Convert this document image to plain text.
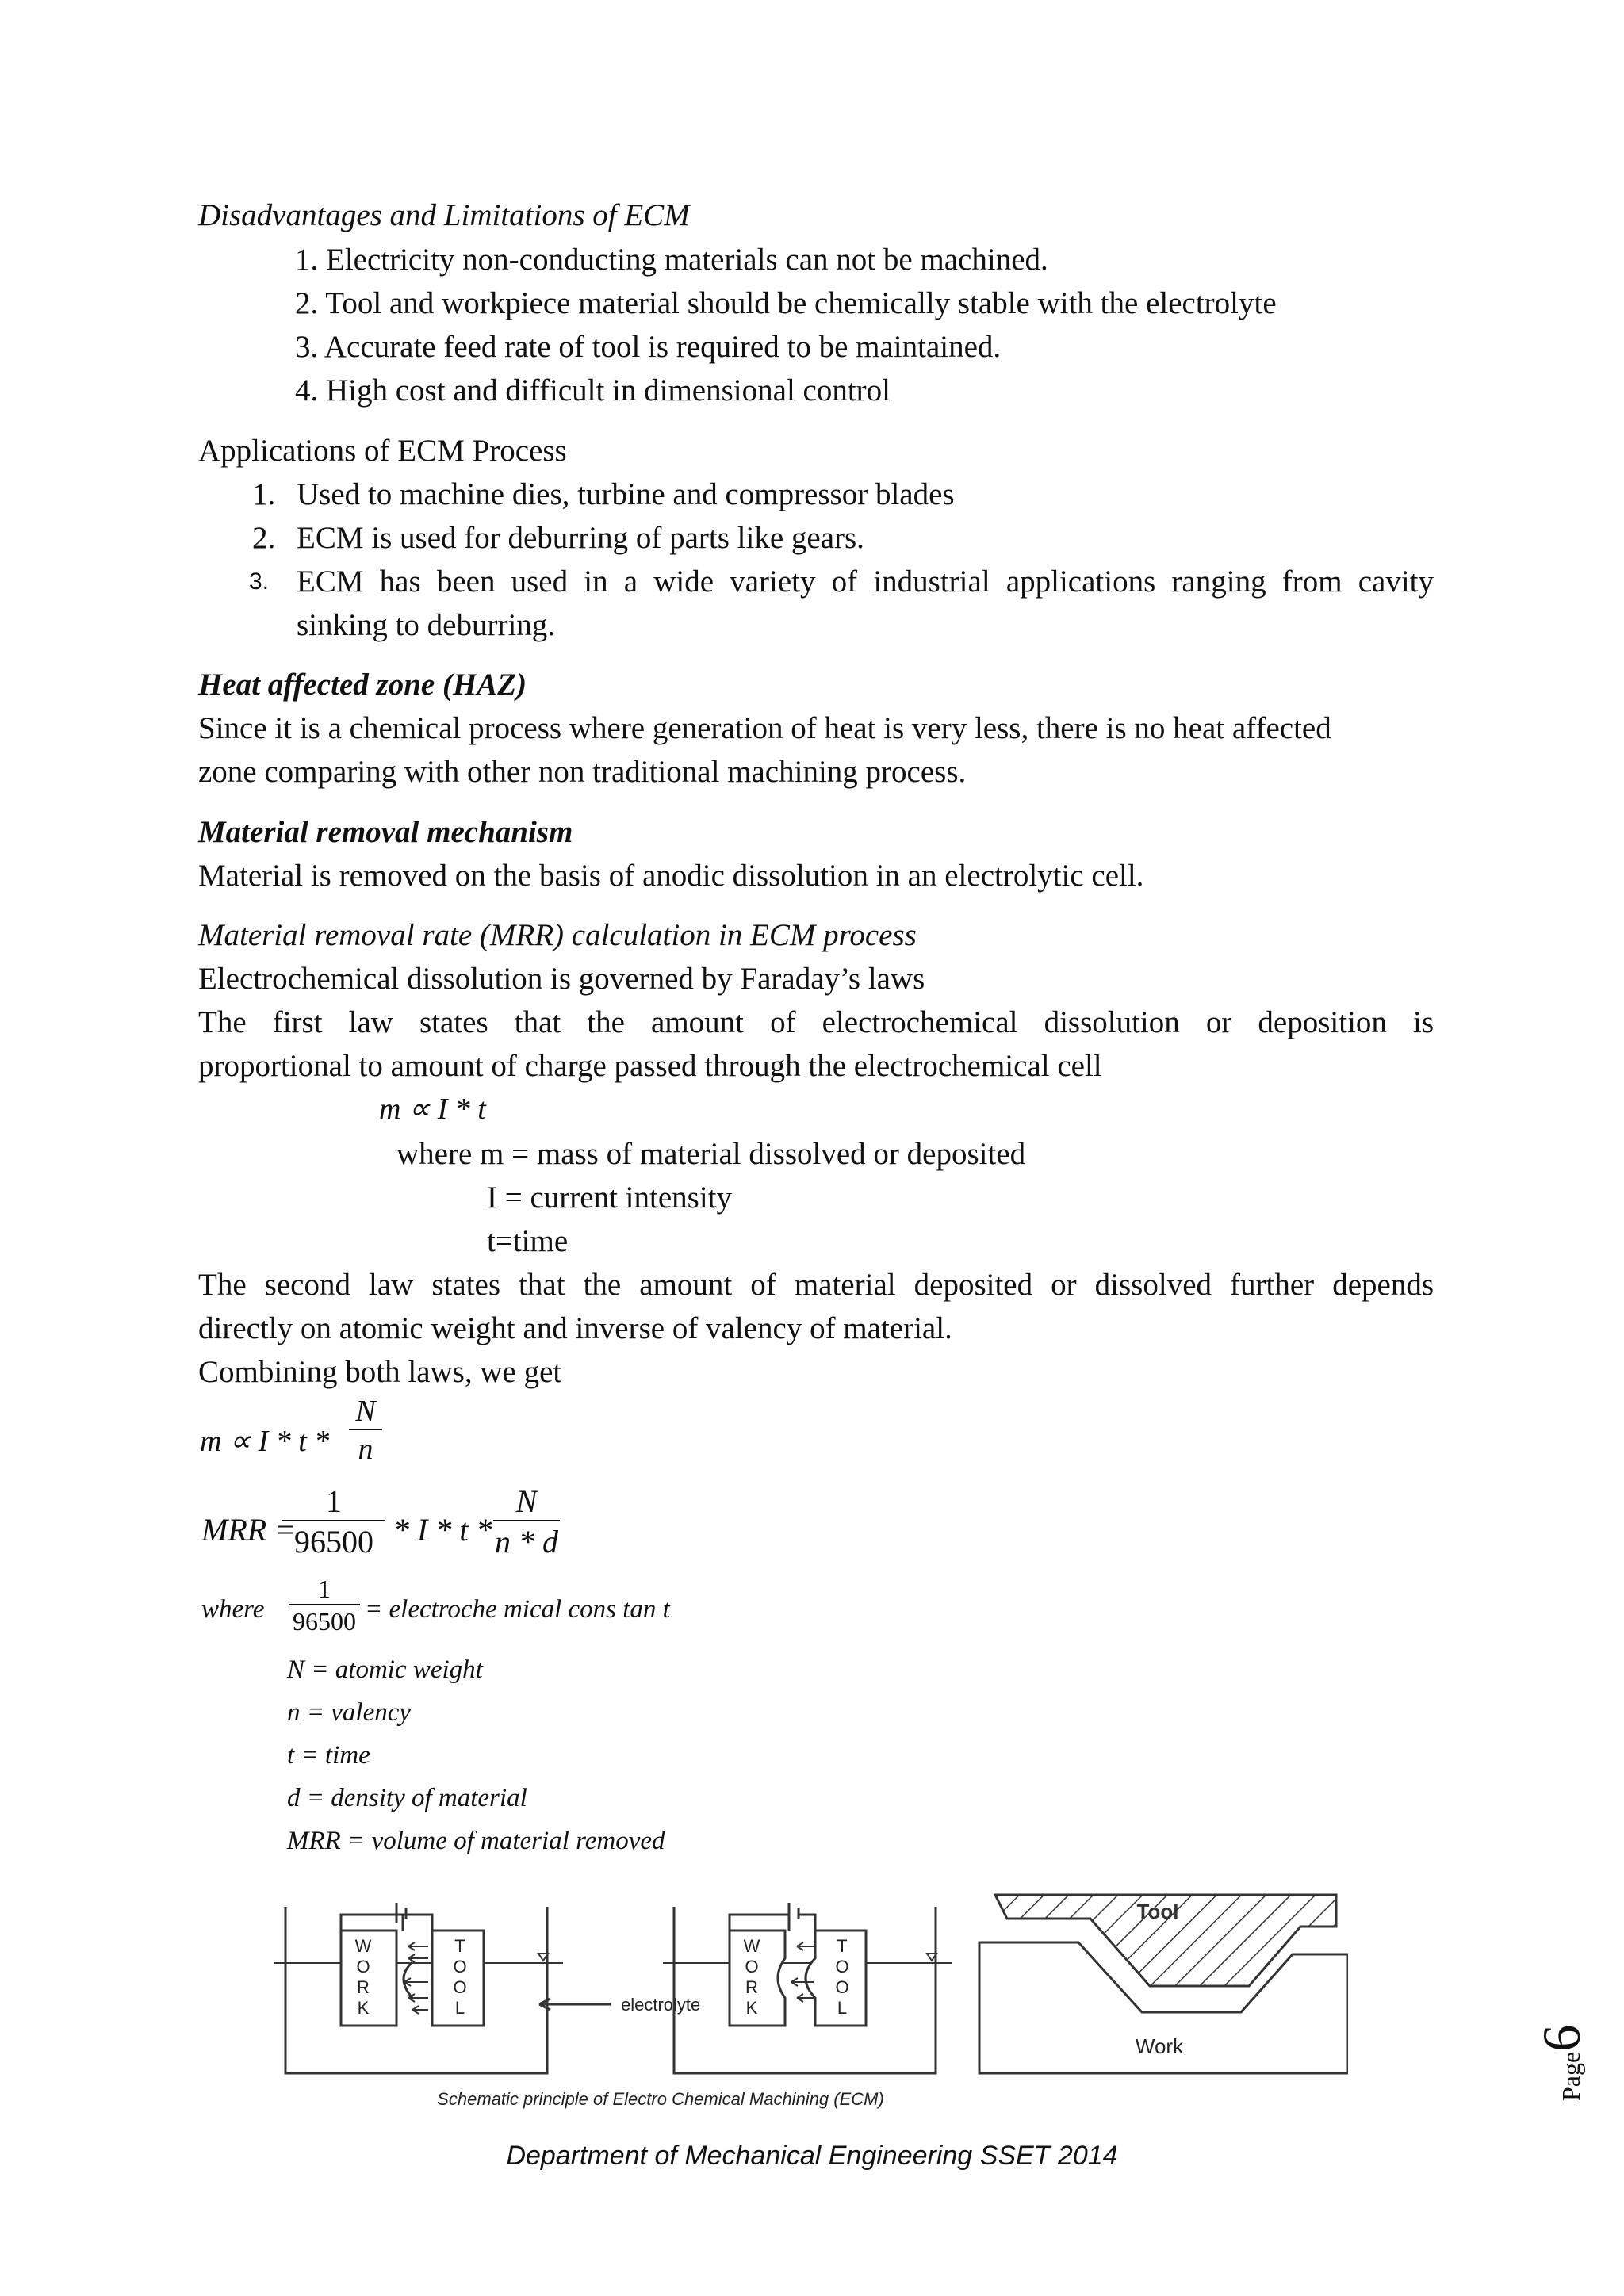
Disadvantages and Limitations of ECM
1. Electricity non-conducting materials can not be machined.
2. Tool and workpiece material should be chemically stable with the electrolyte
3. Accurate feed rate of tool is required to be maintained.
4. High cost and difficult in dimensional control
Applications of ECM Process
1. Used to machine dies, turbine and compressor blades
2. ECM is used for deburring of parts like gears.
3. ECM has been used in a wide variety of industrial applications ranging from cavity
sinking to deburring.
Heat affected zone (HAZ)
Since it is a chemical process where generation of heat is very less, there is no heat affected
zone comparing with other non traditional machining process.
Material removal mechanism
Material is removed on the basis of anodic dissolution in an electrolytic cell.
Material removal rate (MRR) calculation in ECM process
Electrochemical dissolution is governed by Faraday’s laws
The first law states that the amount of electrochemical dissolution or deposition is
proportional to amount of charge passed through the electrochemical cell
m ∝ I * t
where m = mass of material dissolved or deposited
I = current intensity
t=time
The second law states that the amount of material deposited or dissolved further depends
directly on atomic weight and inverse of valency of material.
Combining both laws, we get
$m \propto I * t * \frac{N}{n}$
MRR =
$\frac{1}{96500}$ * I * t * $\frac{N}{n * d}$
where $\frac{1}{96500}$ = electroche mical cons tan t
N = atomic weight
n = valency
t = time
d = density of material
MRR = volume of material removed
W
O
R
K
T
O
O
L	electrolyte
W
O
R
K
T
O
O
L
Tool
Work
Schematic principle of Electro Chemical Machining (ECM)	Page6
Department of Mechanical Engineering SSET 2014
